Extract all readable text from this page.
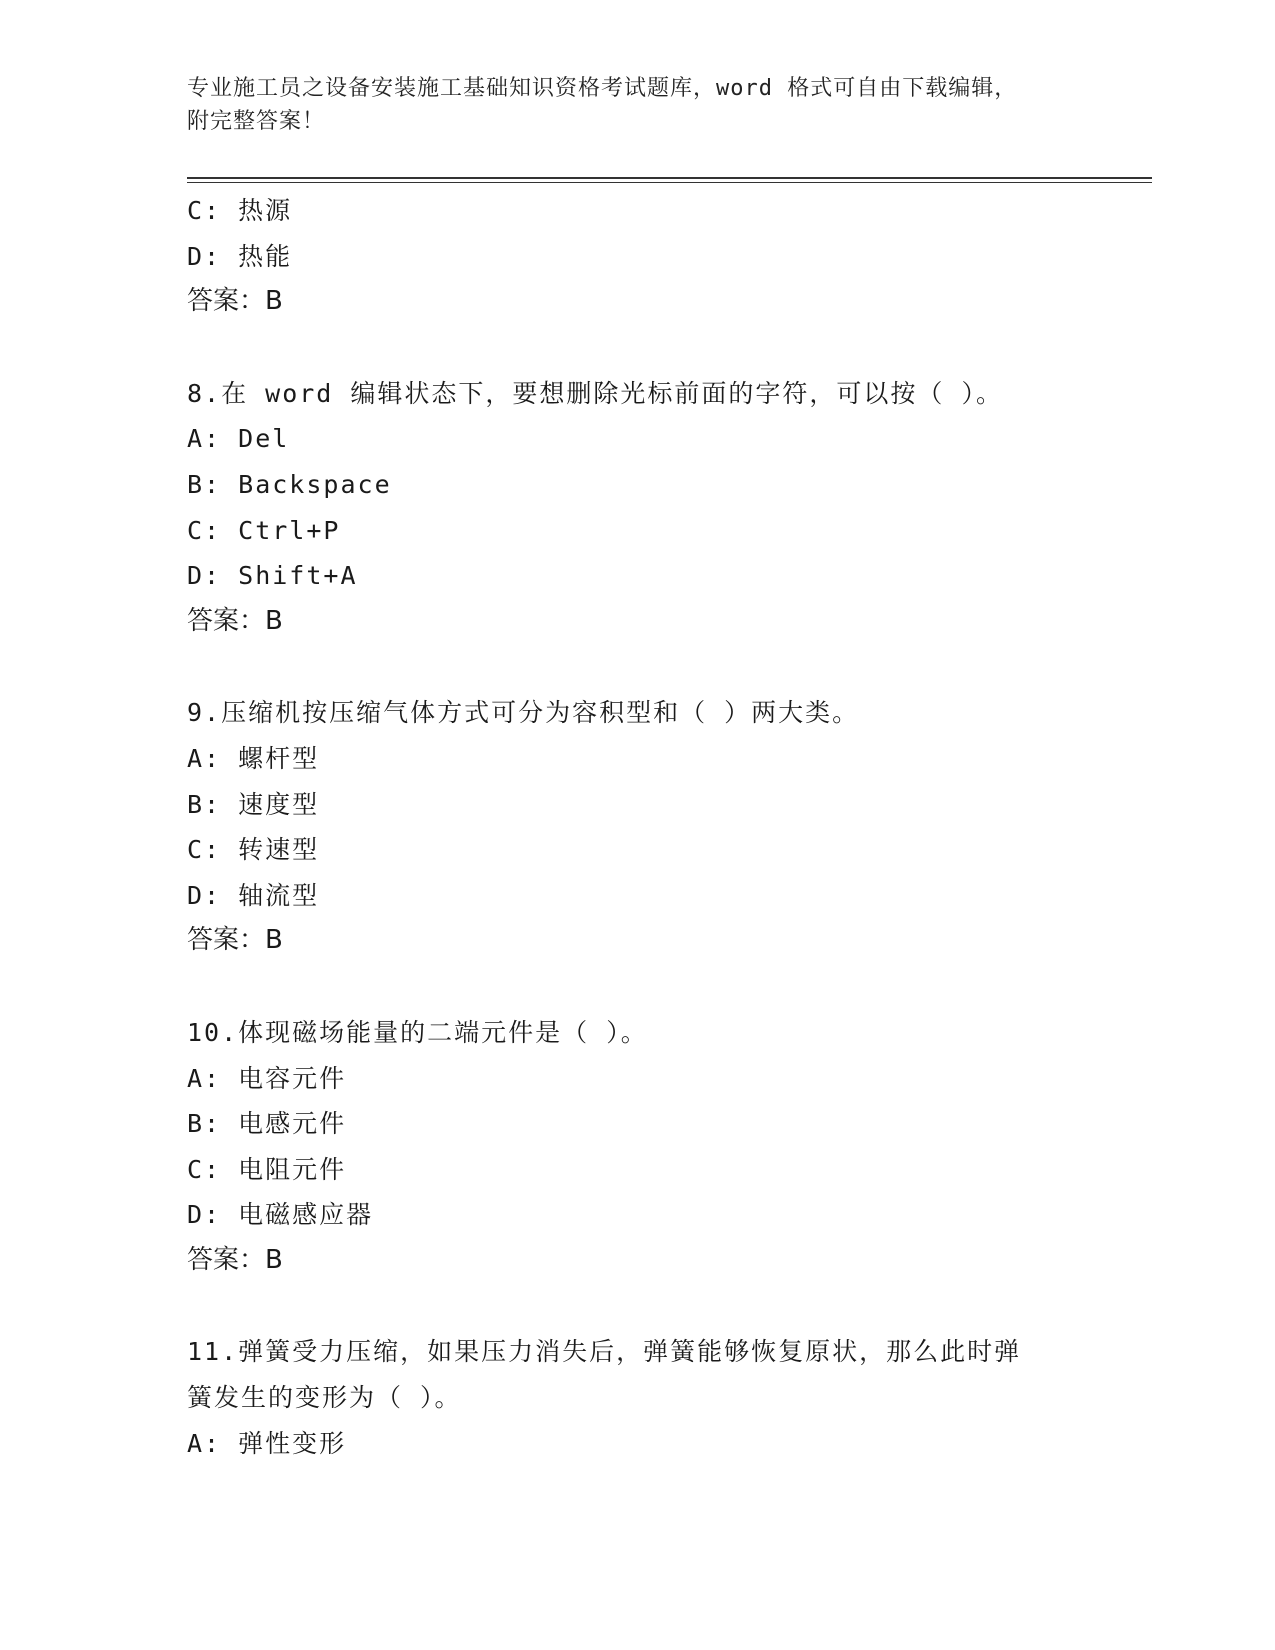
专业施工员之设备安装施工基础知识资格考试题库，word 格式可自由下载编辑，
附完整答案！
C: 热源
D: 热能
答案：B
8.在 word 编辑状态下，要想删除光标前面的字符，可以按（ ）。
A: Del
B: Backspace
C: Ctrl+P
D: Shift+A
答案：B
9.压缩机按压缩气体方式可分为容积型和（ ）两大类。
A: 螺杆型
B: 速度型
C: 转速型
D: 轴流型
答案：B
10.体现磁场能量的二端元件是（ ）。
A: 电容元件
B: 电感元件
C: 电阻元件
D: 电磁感应器
答案：B
11.弹簧受力压缩，如果压力消失后，弹簧能够恢复原状，那么此时弹
簧发生的变形为（ ）。
A: 弹性变形
